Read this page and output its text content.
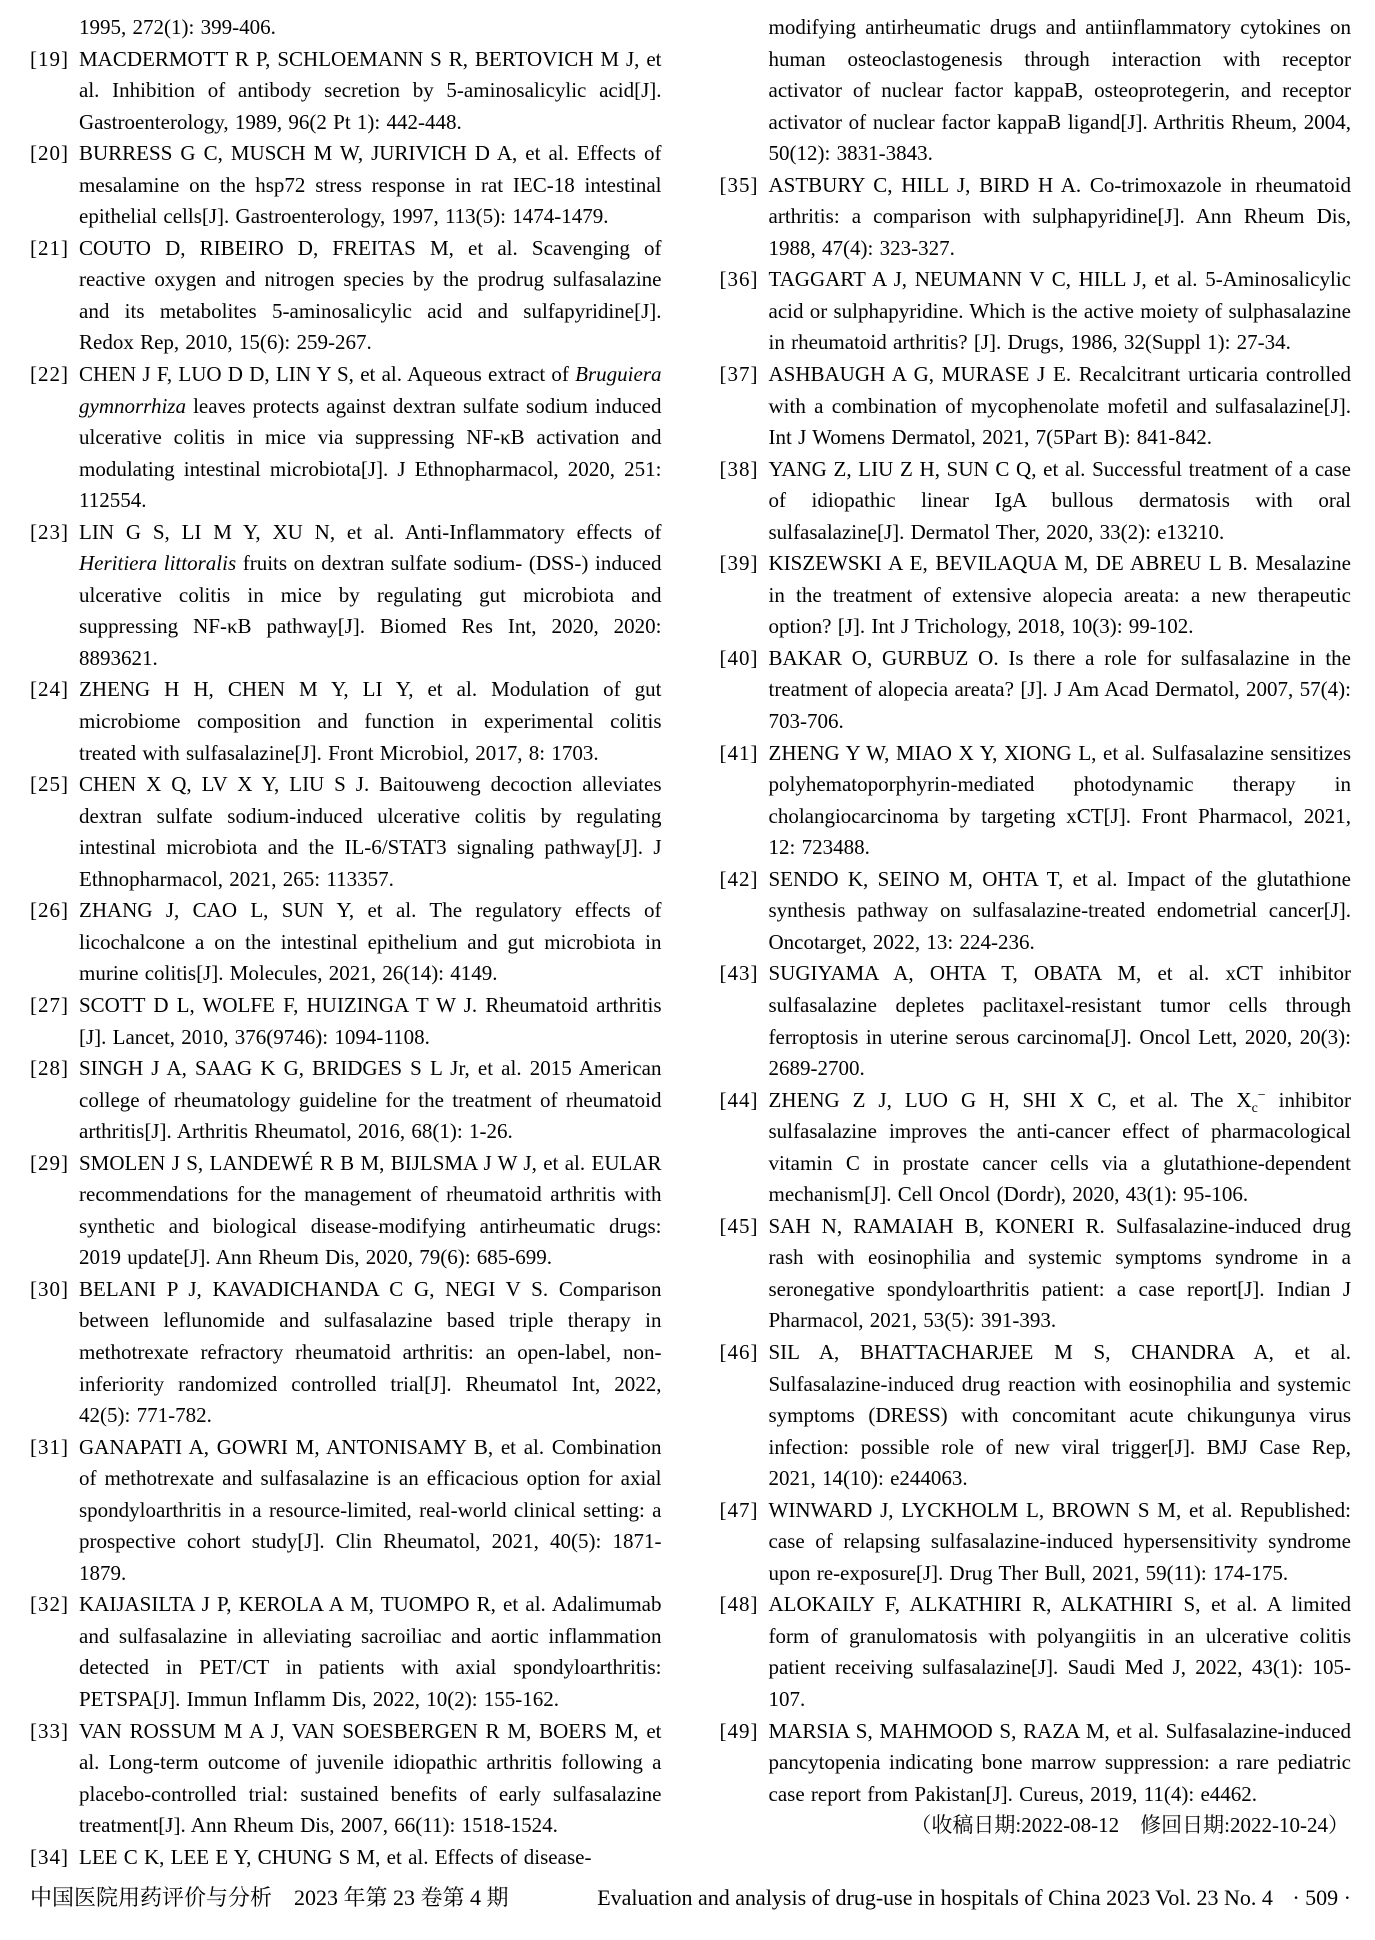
1995, 272(1): 399-406.
[19] MACDERMOTT R P, SCHLOEMANN S R, BERTOVICH M J, et al. Inhibition of antibody secretion by 5-aminosalicylic acid[J]. Gastroenterology, 1989, 96(2 Pt 1): 442-448.
[20] BURRESS G C, MUSCH M W, JURIVICH D A, et al. Effects of mesalamine on the hsp72 stress response in rat IEC-18 intestinal epithelial cells[J]. Gastroenterology, 1997, 113(5): 1474-1479.
[21] COUTO D, RIBEIRO D, FREITAS M, et al. Scavenging of reactive oxygen and nitrogen species by the prodrug sulfasalazine and its metabolites 5-aminosalicylic acid and sulfapyridine[J]. Redox Rep, 2010, 15(6): 259-267.
[22] CHEN J F, LUO D D, LIN Y S, et al. Aqueous extract of Bruguiera gymnorrhiza leaves protects against dextran sulfate sodium induced ulcerative colitis in mice via suppressing NF-κB activation and modulating intestinal microbiota[J]. J Ethnopharmacol, 2020, 251: 112554.
[23] LIN G S, LI M Y, XU N, et al. Anti-Inflammatory effects of Heritiera littoralis fruits on dextran sulfate sodium- (DSS-) induced ulcerative colitis in mice by regulating gut microbiota and suppressing NF-κB pathway[J]. Biomed Res Int, 2020, 2020: 8893621.
[24] ZHENG H H, CHEN M Y, LI Y, et al. Modulation of gut microbiome composition and function in experimental colitis treated with sulfasalazine[J]. Front Microbiol, 2017, 8: 1703.
[25] CHEN X Q, LV X Y, LIU S J. Baitouweng decoction alleviates dextran sulfate sodium-induced ulcerative colitis by regulating intestinal microbiota and the IL-6/STAT3 signaling pathway[J]. J Ethnopharmacol, 2021, 265: 113357.
[26] ZHANG J, CAO L, SUN Y, et al. The regulatory effects of licochalcone a on the intestinal epithelium and gut microbiota in murine colitis[J]. Molecules, 2021, 26(14): 4149.
[27] SCOTT D L, WOLFE F, HUIZINGA T W J. Rheumatoid arthritis [J]. Lancet, 2010, 376(9746): 1094-1108.
[28] SINGH J A, SAAG K G, BRIDGES S L Jr, et al. 2015 American college of rheumatology guideline for the treatment of rheumatoid arthritis[J]. Arthritis Rheumatol, 2016, 68(1): 1-26.
[29] SMOLEN J S, LANDEWÉ R B M, BIJLSMA J W J, et al. EULAR recommendations for the management of rheumatoid arthritis with synthetic and biological disease-modifying antirheumatic drugs: 2019 update[J]. Ann Rheum Dis, 2020, 79(6): 685-699.
[30] BELANI P J, KAVADICHANDA C G, NEGI V S. Comparison between leflunomide and sulfasalazine based triple therapy in methotrexate refractory rheumatoid arthritis: an open-label, non-inferiority randomized controlled trial[J]. Rheumatol Int, 2022, 42(5): 771-782.
[31] GANAPATI A, GOWRI M, ANTONISAMY B, et al. Combination of methotrexate and sulfasalazine is an efficacious option for axial spondyloarthritis in a resource-limited, real-world clinical setting: a prospective cohort study[J]. Clin Rheumatol, 2021, 40(5): 1871-1879.
[32] KAIJASILTA J P, KEROLA A M, TUOMPO R, et al. Adalimumab and sulfasalazine in alleviating sacroiliac and aortic inflammation detected in PET/CT in patients with axial spondyloarthritis: PETSPA[J]. Immun Inflamm Dis, 2022, 10(2): 155-162.
[33] VAN ROSSUM M A J, VAN SOESBERGEN R M, BOERS M, et al. Long-term outcome of juvenile idiopathic arthritis following a placebo-controlled trial: sustained benefits of early sulfasalazine treatment[J]. Ann Rheum Dis, 2007, 66(11): 1518-1524.
[34] LEE C K, LEE E Y, CHUNG S M, et al. Effects of disease-
modifying antirheumatic drugs and antiinflammatory cytokines on human osteoclastogenesis through interaction with receptor activator of nuclear factor kappaB, osteoprotegerin, and receptor activator of nuclear factor kappaB ligand[J]. Arthritis Rheum, 2004, 50(12): 3831-3843.
[35] ASTBURY C, HILL J, BIRD H A. Co-trimoxazole in rheumatoid arthritis: a comparison with sulphapyridine[J]. Ann Rheum Dis, 1988, 47(4): 323-327.
[36] TAGGART A J, NEUMANN V C, HILL J, et al. 5-Aminosalicylic acid or sulphapyridine. Which is the active moiety of sulphasalazine in rheumatoid arthritis? [J]. Drugs, 1986, 32(Suppl 1): 27-34.
[37] ASHBAUGH A G, MURASE J E. Recalcitrant urticaria controlled with a combination of mycophenolate mofetil and sulfasalazine[J]. Int J Womens Dermatol, 2021, 7(5Part B): 841-842.
[38] YANG Z, LIU Z H, SUN C Q, et al. Successful treatment of a case of idiopathic linear IgA bullous dermatosis with oral sulfasalazine[J]. Dermatol Ther, 2020, 33(2): e13210.
[39] KISZEWSKI A E, BEVILAQUA M, DE ABREU L B. Mesalazine in the treatment of extensive alopecia areata: a new therapeutic option? [J]. Int J Trichology, 2018, 10(3): 99-102.
[40] BAKAR O, GURBUZ O. Is there a role for sulfasalazine in the treatment of alopecia areata? [J]. J Am Acad Dermatol, 2007, 57(4): 703-706.
[41] ZHENG Y W, MIAO X Y, XIONG L, et al. Sulfasalazine sensitizes polyhematoporphyrin-mediated photodynamic therapy in cholangiocarcinoma by targeting xCT[J]. Front Pharmacol, 2021, 12: 723488.
[42] SENDO K, SEINO M, OHTA T, et al. Impact of the glutathione synthesis pathway on sulfasalazine-treated endometrial cancer[J]. Oncotarget, 2022, 13: 224-236.
[43] SUGIYAMA A, OHTA T, OBATA M, et al. xCT inhibitor sulfasalazine depletes paclitaxel-resistant tumor cells through ferroptosis in uterine serous carcinoma[J]. Oncol Lett, 2020, 20(3): 2689-2700.
[44] ZHENG Z J, LUO G H, SHI X C, et al. The $X_c^-$ inhibitor sulfasalazine improves the anti-cancer effect of pharmacological vitamin C in prostate cancer cells via a glutathione-dependent mechanism[J]. Cell Oncol (Dordr), 2020, 43(1): 95-106.
[45] SAH N, RAMAIAH B, KONERI R. Sulfasalazine-induced drug rash with eosinophilia and systemic symptoms syndrome in a seronegative spondyloarthritis patient: a case report[J]. Indian J Pharmacol, 2021, 53(5): 391-393.
[46] SIL A, BHATTACHARJEE M S, CHANDRA A, et al. Sulfasalazine-induced drug reaction with eosinophilia and systemic symptoms (DRESS) with concomitant acute chikungunya virus infection: possible role of new viral trigger[J]. BMJ Case Rep, 2021, 14(10): e244063.
[47] WINWARD J, LYCKHOLM L, BROWN S M, et al. Republished: case of relapsing sulfasalazine-induced hypersensitivity syndrome upon re-exposure[J]. Drug Ther Bull, 2021, 59(11): 174-175.
[48] ALOKAILY F, ALKATHIRI R, ALKATHIRI S, et al. A limited form of granulomatosis with polyangiitis in an ulcerative colitis patient receiving sulfasalazine[J]. Saudi Med J, 2022, 43(1): 105-107.
[49] MARSIA S, MAHMOOD S, RAZA M, et al. Sulfasalazine-induced pancytopenia indicating bone marrow suppression: a rare pediatric case report from Pakistan[J]. Cureus, 2019, 11(4): e4462.
（收稿日期:2022-08-12　修回日期:2022-10-24）
中国医院用药评价与分析　2023 年第 23 卷第 4 期	Evaluation and analysis of drug-use in hospitals of China 2023 Vol. 23 No. 4 · 509 ·
